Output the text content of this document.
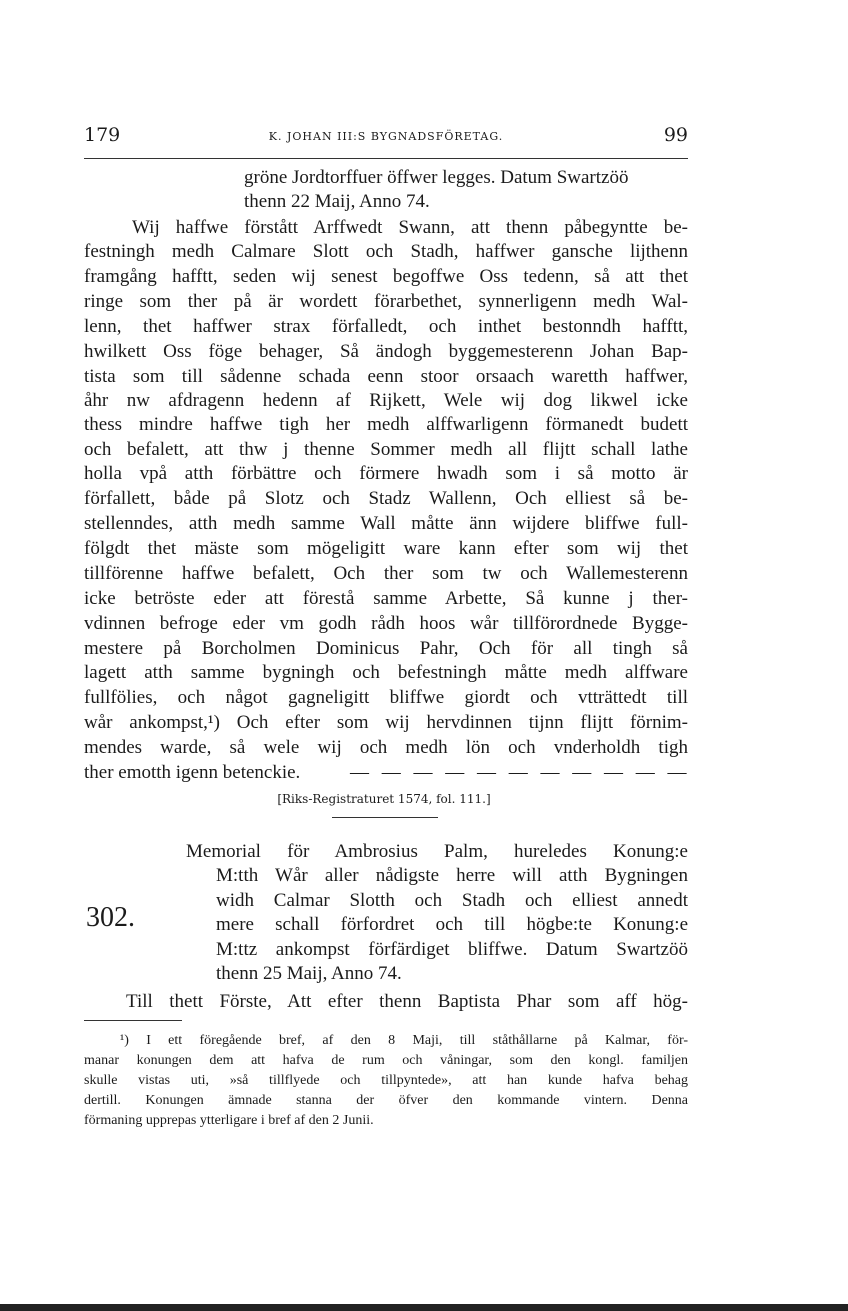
179	K. JOHAN III:S BYGNADSFÖRETAG.	99
gröne Jordtorffuer öffwer legges. Datum Swartzöö
thenn 22 Maij, Anno 74.
Wij haffwe förstått Arffwedt Swann, att thenn påbegyntte be-
festningh medh Calmare Slott och Stadh, haffwer gansche lijthenn
framgång hafftt, seden wij senest begoffwe Oss tedenn, så att thet
ringe som ther på är wordett förarbethet, synnerligenn medh Wal-
lenn, thet haffwer strax förfalledt, och inthet bestonndh hafftt,
hwilkett Oss föge behager, Så ändogh byggemesterenn Johan Bap-
tista som till sådenne schada eenn stoor orsaach waretth haffwer,
åhr nw afdragenn hedenn af Rijkett, Wele wij dog likwel icke
thess mindre haffwe tigh her medh alffwarligenn förmanedt budett
och befalett, att thw j thenne Sommer medh all flijtt schall lathe
holla vpå atth förbättre och förmere hwadh som i så motto är
förfallett, både på Slotz och Stadz Wallenn, Och elliest så be-
stellenndes, atth medh samme Wall måtte änn wijdere bliffwe full-
fölgdt thet mäste som mögeligitt ware kann efter som wij thet
tillförenne haffwe befalett, Och ther som tw och Wallemesterenn
icke betröste eder att förestå samme Arbette, Så kunne j ther-
vdinnen befroge eder vm godh rådh hoos wår tillförordnede Bygge-
mestere på Borcholmen Dominicus Pahr, Och för all tingh så
lagett atth samme bygningh och befestningh måtte medh alffware
fullfölies, och något gagneligitt bliffwe giordt och vtträttedt till
wår ankompst,¹) Och efter som wij hervdinnen tijnn flijtt förnim-
mendes warde, så wele wij och medh lön och vnderholdh tigh
ther emotth igenn betenckie.	— — — — — — — — — — —
[Riks-Registraturet 1574, fol. 111.]
302.
Memorial för Ambrosius Palm, hureledes Konung:e
M:tth Wår aller nådigste herre will atth Bygningen
widh Calmar Slotth och Stadh och elliest annedt
mere schall förfordret och till högbe:te Konung:e
M:ttz ankompst förfärdiget bliffwe. Datum Swartzöö
thenn 25 Maij, Anno 74.
Till thett Förste, Att efter thenn Baptista Phar som aff hög-
¹) I ett föregående bref, af den 8 Maji, till ståthållarne på Kalmar, för-
manar konungen dem att hafva de rum och våningar, som den kongl. familjen
skulle vistas uti, »så tillflyede och tillpyntede», att han kunde hafva behag
dertill. Konungen ämnade stanna der öfver den kommande vintern. Denna
förmaning upprepas ytterligare i bref af den 2 Junii.
